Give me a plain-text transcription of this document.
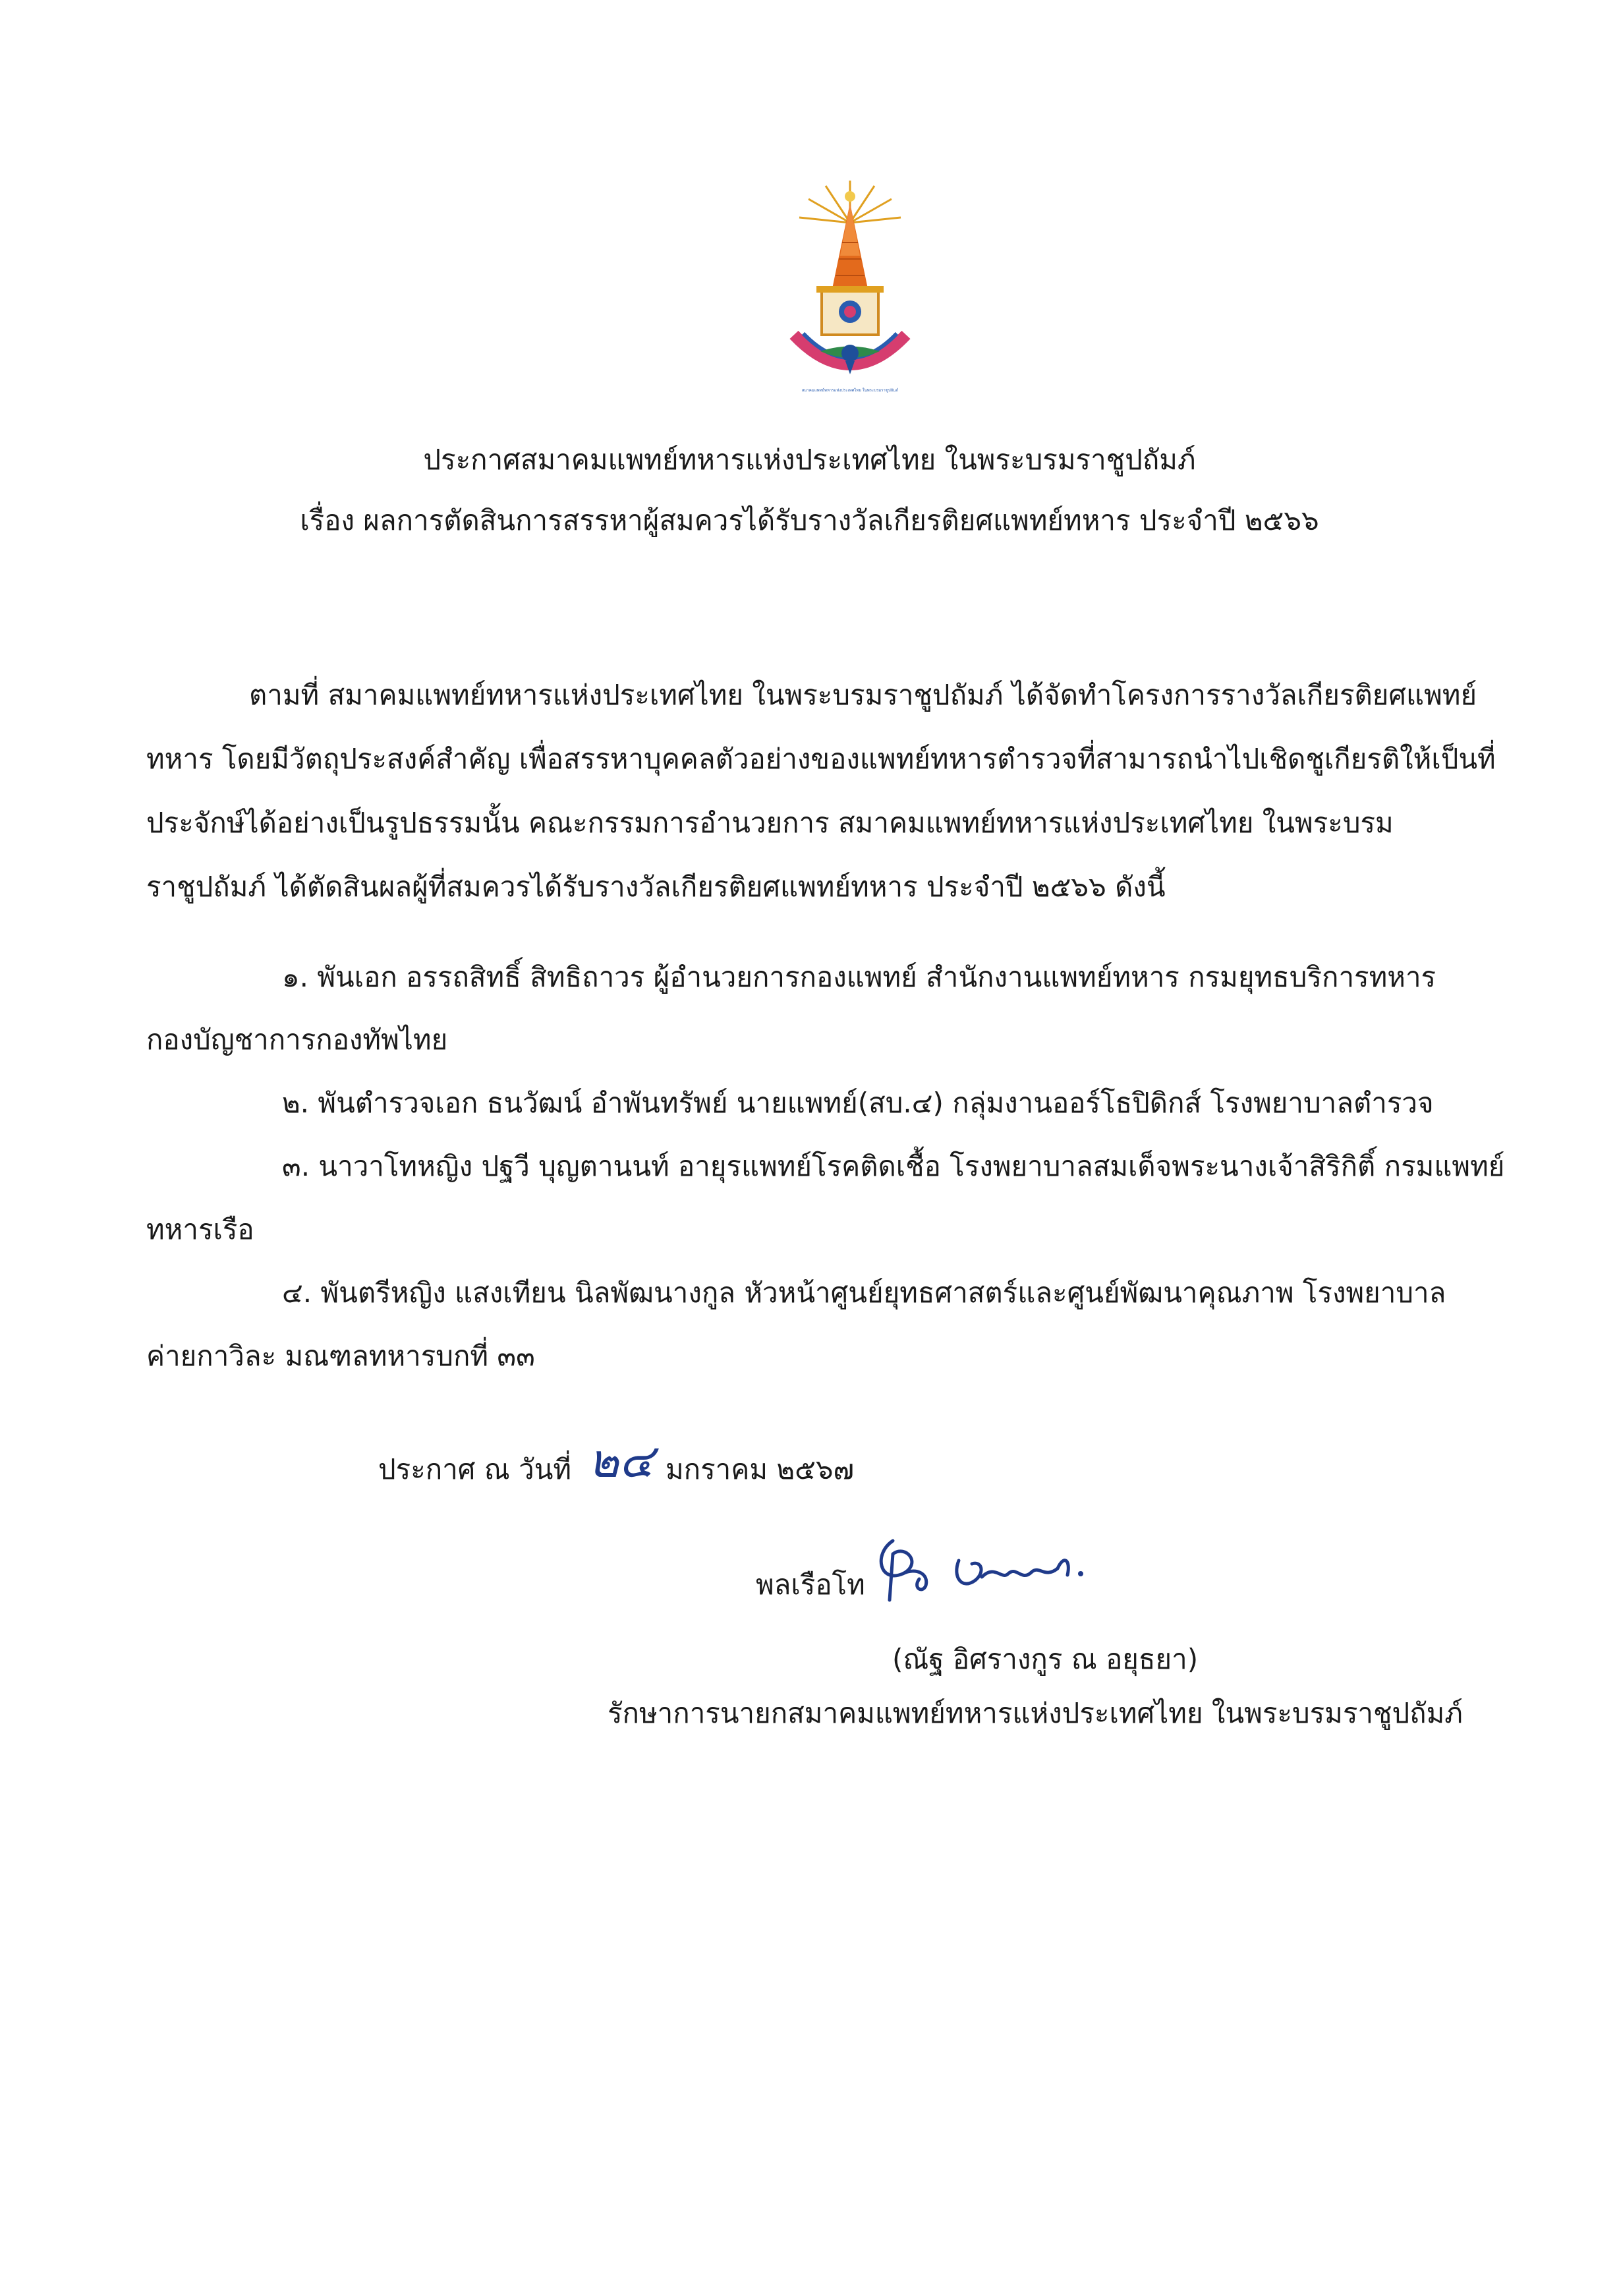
สมาคมแพทย์ทหารแห่งประเทศไทย ในพระบรมราชูปถัมภ์
ประกาศสมาคมแพทย์ทหารแห่งประเทศไทย ในพระบรมราชูปถัมภ์
เรื่อง ผลการตัดสินการสรรหาผู้สมควรได้รับรางวัลเกียรติยศแพทย์ทหาร ประจำปี ๒๕๖๖
ตามที่ สมาคมแพทย์ทหารแห่งประเทศไทย ในพระบรมราชูปถัมภ์ ได้จัดทำโครงการรางวัลเกียรติยศแพทย์
ทหาร โดยมีวัตถุประสงค์สำคัญ เพื่อสรรหาบุคคลตัวอย่างของแพทย์ทหารตำรวจที่สามารถนำไปเชิดชูเกียรติให้เป็นที่
ประจักษ์ได้อย่างเป็นรูปธรรมนั้น คณะกรรมการอำนวยการ สมาคมแพทย์ทหารแห่งประเทศไทย ในพระบรม
ราชูปถัมภ์ ได้ตัดสินผลผู้ที่สมควรได้รับรางวัลเกียรติยศแพทย์ทหาร ประจำปี ๒๕๖๖ ดังนี้
๑. พันเอก อรรถสิทธิ์ สิทธิถาวร ผู้อำนวยการกองแพทย์ สำนักงานแพทย์ทหาร กรมยุทธบริการทหาร
กองบัญชาการกองทัพไทย
๒. พันตำรวจเอก ธนวัฒน์ อำพันทรัพย์ นายแพทย์(สบ.๔) กลุ่มงานออร์โธปิดิกส์ โรงพยาบาลตำรวจ
๓. นาวาโทหญิง ปฐวี บุญตานนท์ อายุรแพทย์โรคติดเชื้อ โรงพยาบาลสมเด็จพระนางเจ้าสิริกิติ์ กรมแพทย์
ทหารเรือ
๔. พันตรีหญิง แสงเทียน นิลพัฒนางกูล หัวหน้าศูนย์ยุทธศาสตร์และศูนย์พัฒนาคุณภาพ โรงพยาบาล
ค่ายกาวิละ มณฑลทหารบกที่ ๓๓
ประกาศ ณ วันที่ ๒๔ มกราคม ๒๕๖๗
พลเรือโท
(ณัฐ อิศรางกูร ณ อยุธยา)
รักษาการนายกสมาคมแพทย์ทหารแห่งประเทศไทย ในพระบรมราชูปถัมภ์
